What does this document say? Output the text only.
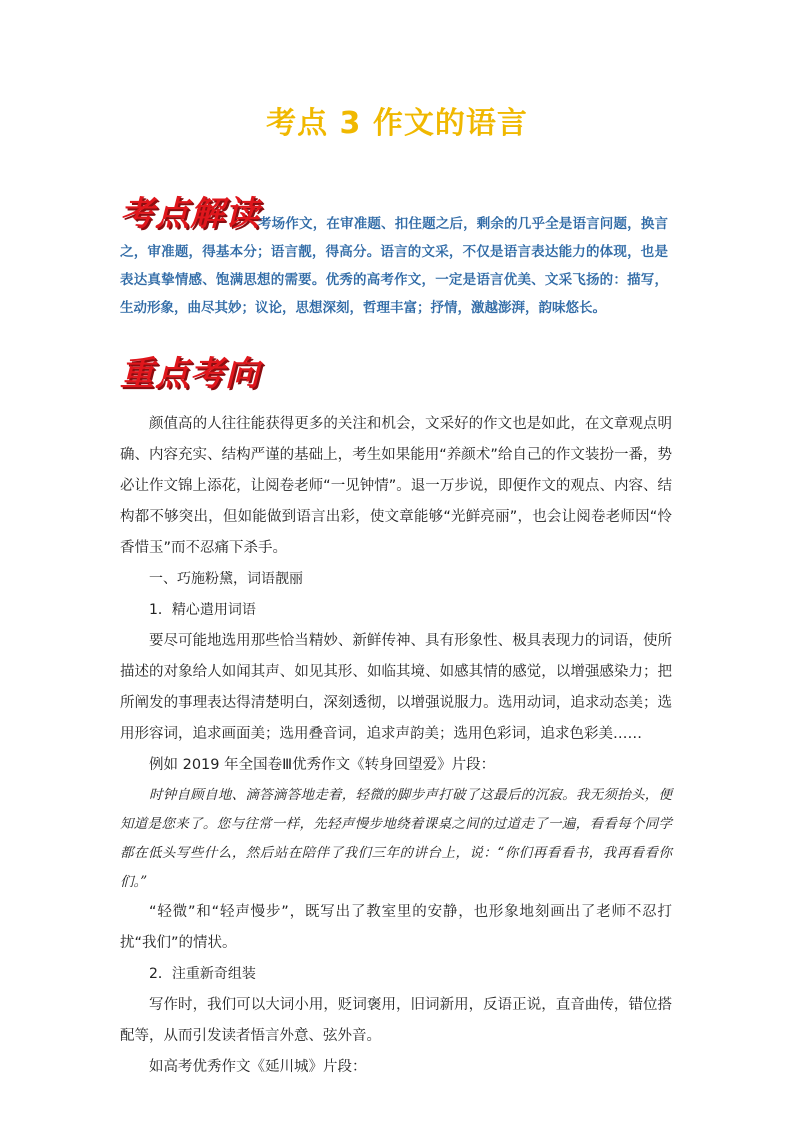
考点 3 作文的语言
考点解读
考场作文，在审准题、扣住题之后，剩余的几乎全是语言问题，换言之，审准题，得基本分；语言靓，得高分。语言的文采，不仅是语言表达能力的体现，也是表达真挚情感、饱满思想的需要。优秀的高考作文，一定是语言优美、文采飞扬的：描写，生动形象，曲尽其妙；议论，思想深刻，哲理丰富；抒情，激越澎湃，韵味悠长。
重点考向

颜值高的人往往能获得更多的关注和机会，文采好的作文也是如此，在文章观点明确、内容充实、结构严谨的基础上，考生如果能用“养颜术”给自己的作文装扮一番，势必让作文锦上添花，让阅卷老师“一见钟情”。退一万步说，即便作文的观点、内容、结构都不够突出，但如能做到语言出彩，使文章能够“光鲜亮丽”，也会让阅卷老师因“怜香惜玉”而不忍痛下杀手。

一、巧施粉黛，词语靓丽

1．精心遣用词语

要尽可能地选用那些恰当精妙、新鲜传神、具有形象性、极具表现力的词语，使所描述的对象给人如闻其声、如见其形、如临其境、如感其情的感觉，以增强感染力；把所阐发的事理表达得清楚明白，深刻透彻，以增强说服力。选用动词，追求动态美；选用形容词，追求画面美；选用叠音词，追求声韵美；选用色彩词，追求色彩美……

例如 2019 年全国卷Ⅲ优秀作文《转身回望爱》片段：

时钟自顾自地、滴答滴答地走着，轻微的脚步声打破了这最后的沉寂。我无须抬头，便知道是您来了。您与往常一样，先轻声慢步地绕着课桌之间的过道走了一遍，看看每个同学都在低头写些什么，然后站在陪伴了我们三年的讲台上，说：“你们再看看书，我再看看你们。”

“轻微”和“轻声慢步”，既写出了教室里的安静，也形象地刻画出了老师不忍打扰“我们”的情状。

2．注重新奇组装

写作时，我们可以大词小用，贬词褒用，旧词新用，反语正说，直音曲传，错位搭配等，从而引发读者悟言外意、弦外音。

如高考优秀作文《延川城》片段：
